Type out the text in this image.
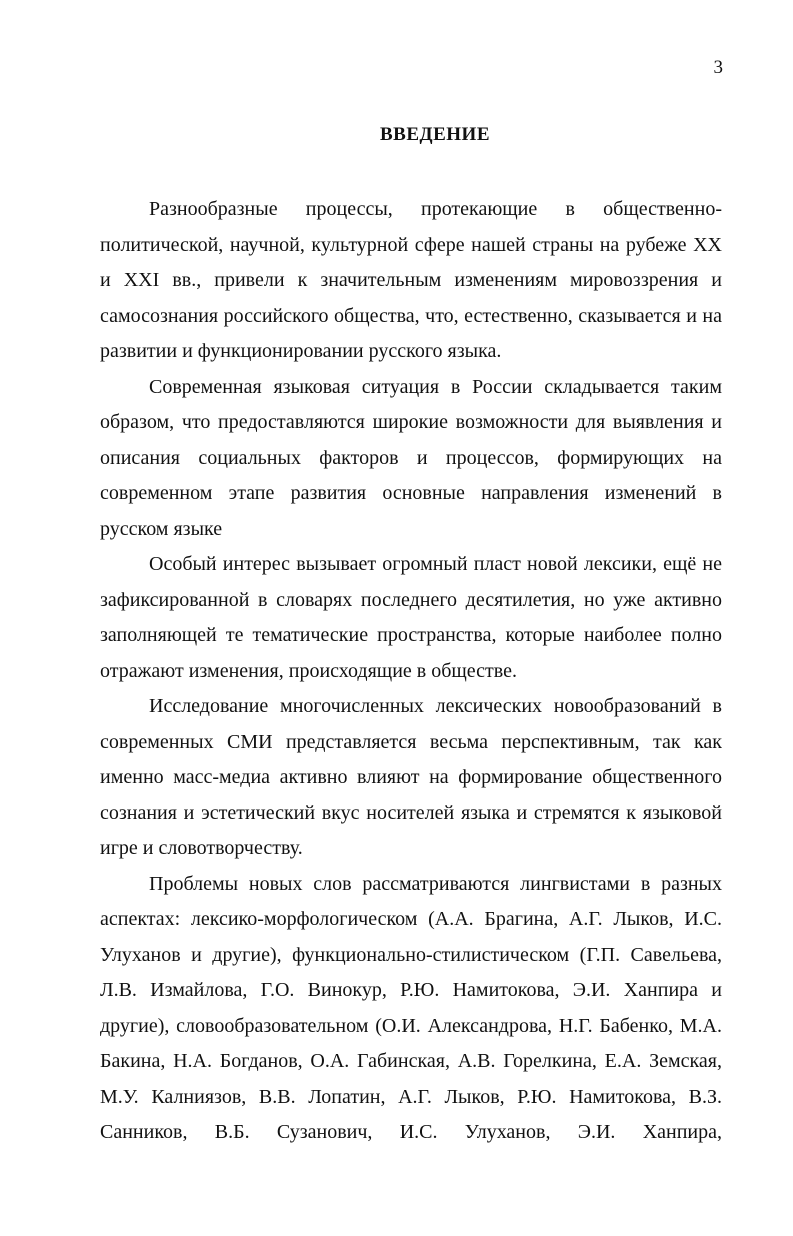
3
ВВЕДЕНИЕ

Разнообразные процессы, протекающие в общественно-политической, научной, культурной сфере нашей страны на рубеже XX и XXI вв., привели к значительным изменениям мировоззрения и самосознания российского общества, что, естественно, сказывается и на развитии и функционировании русского языка.

Современная языковая ситуация в России складывается таким образом, что предоставляются широкие возможности для выявления и описания социальных факторов и процессов, формирующих на современном этапе развития основные направления изменений в русском языке

Особый интерес вызывает огромный пласт новой лексики, ещё не зафиксированной в словарях последнего десятилетия, но уже активно заполняющей те тематические пространства, которые наиболее полно отражают изменения, происходящие в обществе.

Исследование многочисленных лексических новообразований в современных СМИ представляется весьма перспективным, так как именно масс-медиа активно влияют на формирование общественного сознания и эстетический вкус носителей языка и стремятся к языковой игре и словотворчеству.

Проблемы новых слов рассматриваются лингвистами в разных аспектах: лексико-морфологическом (А.А. Брагина, А.Г. Лыков, И.С. Улуханов и другие), функционально-стилистическом (Г.П. Савельева, Л.В. Измайлова, Г.О. Винокур, Р.Ю. Намитокова, Э.И. Ханпира и другие), словообразовательном (О.И. Александрова, Н.Г. Бабенко, М.А. Бакина, Н.А. Богданов, О.А. Габинская, А.В. Горелкина, Е.А. Земская, М.У. Калниязов, В.В. Лопатин, А.Г. Лыков, Р.Ю. Намитокова, В.З. Санников, В.Б. Сузанович, И.С. Улуханов, Э.И. Ханпира,
